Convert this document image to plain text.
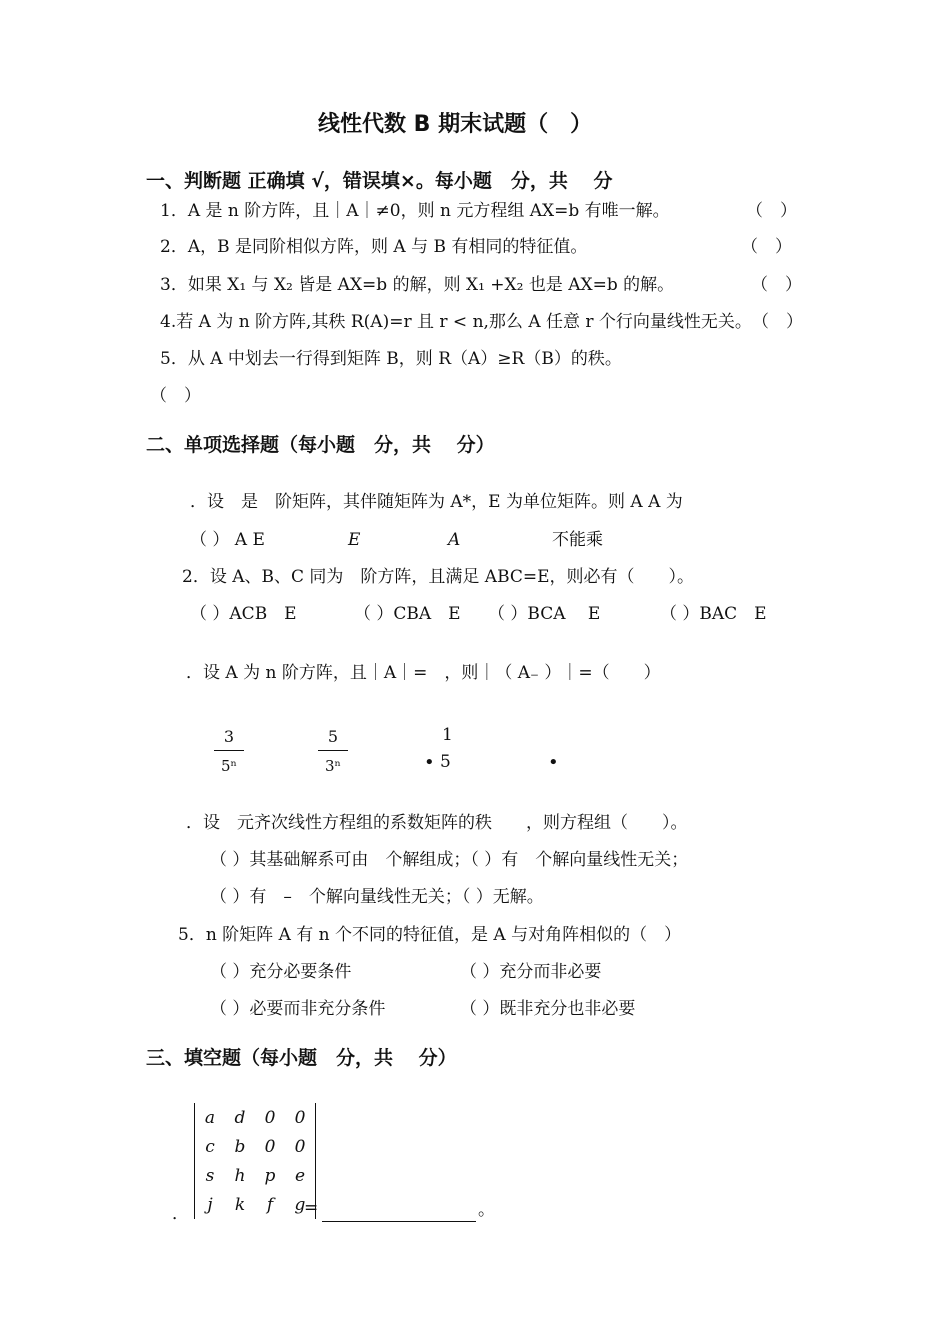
线性代数 B 期末试题（　）
一、判断题 正确填 √，错误填×。每小题　分，共　 分
1．A 是 n 阶方阵，且｜A｜≠0，则 n 元方程组 AX=b 有唯一解。	（　）
2．A，B 是同阶相似方阵，则 A 与 B 有相同的特征值。	（　）
3．如果 X₁ 与 X₂ 皆是 AX=b 的解，则 X₁ +X₂ 也是 AX=b 的解。	（　）
4.若 A 为 n 阶方阵,其秩 R(A)=r 且 r < n,那么 A 任意 r 个行向量线性无关。 （　）
5．从 A 中划去一行得到矩阵 B，则 R（A）≥R（B）的秩。
（　）
二、单项选择题（每小题　分，共　 分）
．设　是　阶矩阵，其伴随矩阵为 A*，E 为单位矩阵。则 A A 为
（ ） A E	E	A	不能乘
2．设 A、B、C 同为　阶方阵，且满足 ABC=E，则必有（　　）。
（ ）ACB　E	（ ）CBA　E （ ）BCA　 E	（ ）BAC　E
．设 A 为 n 阶方阵，且｜A｜=　，则｜（ A₋ ）｜=（　　）
3
5ⁿ
5
3ⁿ
1
• 5	•
．设　元齐次线性方程组的系数矩阵的秩　　，则方程组（　　）。
（ ）其基础解系可由　个解组成；（ ）有　个解向量线性无关；
（ ）有　–　个解向量线性无关；（ ）无解。
5．n 阶矩阵 A 有 n 个不同的特征值，是 A 与对角阵相似的（　）
（ ）充分必要条件	（ ）充分而非必要
（ ）必要而非充分条件	（ ）既非充分也非必要
三、填空题（每小题　分，共　 分）
．
a	d	0	0
c	b	0	0
s	h	p	e
j	k	f	g
=	。
